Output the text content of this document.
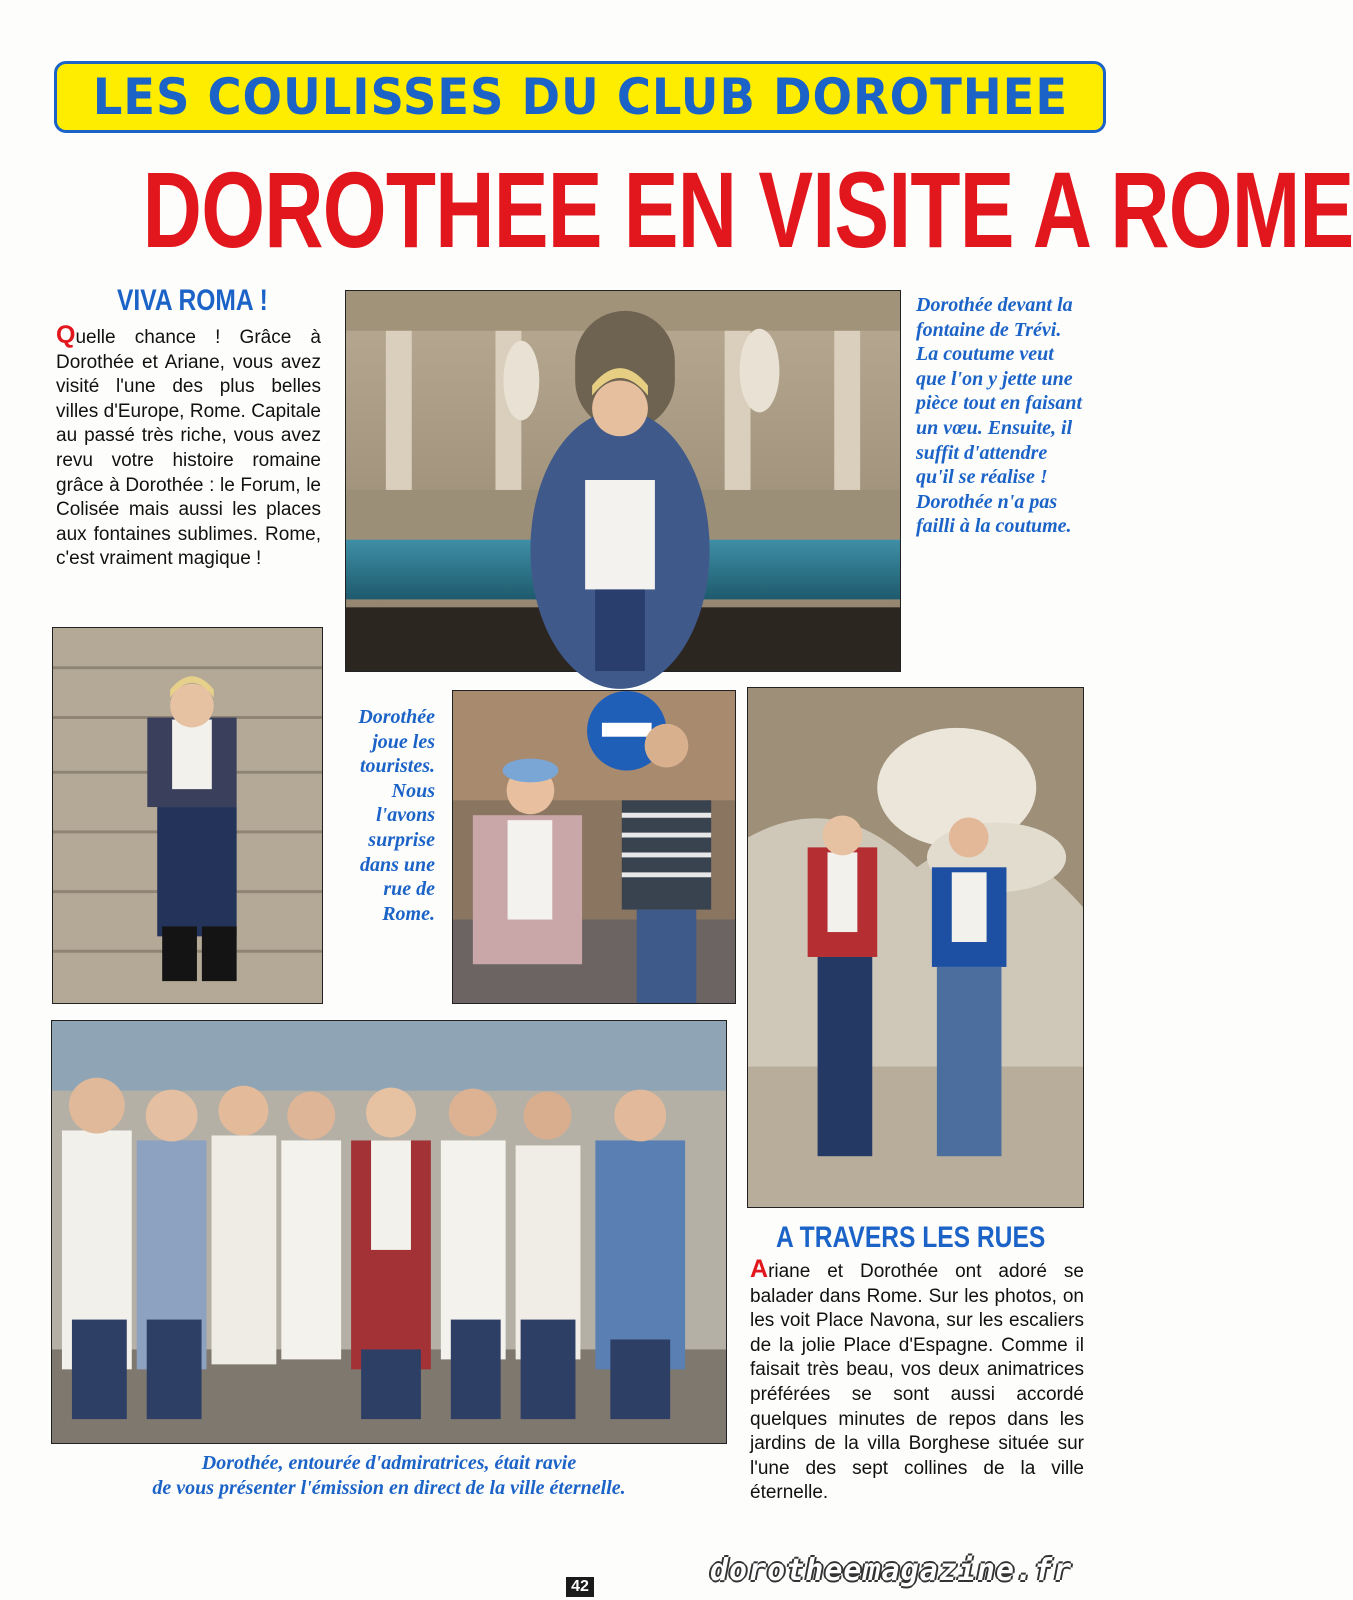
LES COULISSES DU CLUB DOROTHEE
DOROTHEE EN VISITE A ROME
VIVA ROMA !
Quelle chance ! Grâce à Dorothée et Ariane, vous avez visité l'une des plus belles villes d'Europe, Rome. Capitale au passé très riche, vous avez revu votre histoire romaine grâce à Dorothée : le Forum, le Colisée mais aussi les places aux fontaines sublimes. Rome, c'est vraiment magique !
Dorothée devant la fontaine de Trévi. La coutume veut que l'on y jette une pièce tout en faisant un vœu. Ensuite, il suffit d'attendre qu'il se réalise ! Dorothée n'a pas failli à la coutume.
Dorothée joue les touristes. Nous l'avons surprise dans une rue de Rome.
Dorothée, entourée d'admiratrices, était ravie
de vous présenter l'émission en direct de la ville éternelle.
A TRAVERS LES RUES
Ariane et Dorothée ont adoré se balader dans Rome. Sur les photos, on les voit Place Navona, sur les escaliers de la jolie Place d'Espagne. Comme il faisait très beau, vos deux animatrices préférées se sont aussi accordé quelques minutes de repos dans les jardins de la villa Borghese située sur l'une des sept collines de la ville éternelle.
42	dorotheemagazine.fr
